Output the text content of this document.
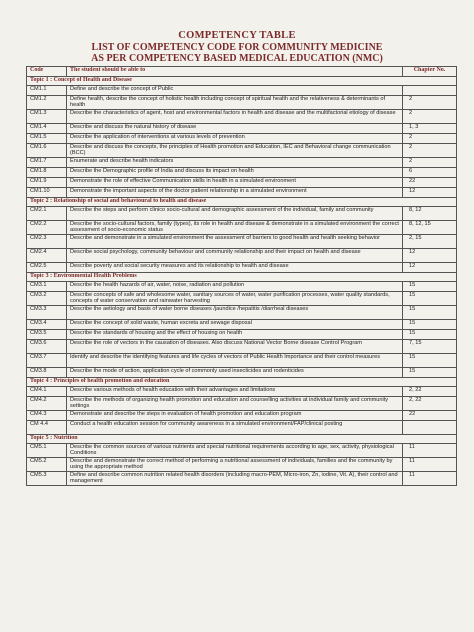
COMPETENCY TABLE
LIST OF COMPETENCY CODE FOR COMMUNITY MEDICINE
AS PER COMPETENCY BASED MEDICAL EDUCATION (NMC)
Code	The student should be able to	Chapter No.
Topic 1 : Concept of Health and Disease		
CM1.1	Define and describe the concept of Public	
CM1.2	Define health, describe the concept of holistic health including concept of spiritual health and the relativeness & determinants of health	2
CM1.3	Describe the characteristics of agent, host and environmental factors in health and disease and the multifactorial etiology of disease	2
CM1.4	Describe and discuss the natural history of disease	1, 3
CM1.5	Describe the application of interventions at various levels of prevention	2
CM1.6	Describe and discuss the concepts, the principles of Health promotion and Education, IEC and Behavioral change communication (BCC)	2
CM1.7	Enumerate and describe health indicators	2
CM1.8	Describe the Demographic profile of India and discuss its impact on health	6
CM1.9	Demonstrate the role of effective Communication skills in health in a simulated environment	22
CM1.10	Demonstrate the important aspects of the doctor patient relationship in a simulated environment	12
Topic 2 : Relationship of social and behavioural to health and disease		
CM2.1	Describe the steps and perform clinico socio-cultural and demographic assessment of the individual, family and community	8, 12
CM2.2	Describe the socio-cultural factors, family (types), its role in health and disease & demonstrate in a simulated environment the correct assessment of socio-economic status	8, 12, 15
CM2.3	Describe and demonstrate in a simulated environment the assessment of barriers to good health and health seeking behavior	2, 15
CM2.4	Describe social psychology, community behaviour and community relationship and their impact on health and disease	12
CM2.5	Describe poverty and social security measures and its relationship to health and disease	12
Topic 3 : Environmental Health Problems		
CM3.1	Describe the health hazards of air, water, noise, radiation and pollution	15
CM3.2	Describe concepts of safe and wholesome water, sanitary sources of water, water purification processes, water quality standards, concepts of water conservation and rainwater harvesting	15
CM3.3	Describe the aetiology and basis of water borne diseases /jaundice /hepatitis /diarrheal diseases	15
CM3.4	Describe the concept of solid waste, human excreta and sewage disposal	15
CM3.5	Describe the standards of housing and the effect of housing on health	15
CM3.6	Describe the role of vectors in the causation of diseases. Also discuss National Vector Borne disease Control Program	7, 15
CM3.7	Identify and describe the identifying features and life cycles of vectors of Public Health Importance and their control measures	15
CM3.8	Describe the mode of action, application cycle of commonly used insecticides and rodenticides	15
Topic 4 : Principles of health promotion and education		
CM4.1	Describe various methods of health education with their advantages and limitations	2, 22
CM4.2	Describe the methods of organizing health promotion and education and counselling activities at individual family and community settings	2, 22
CM4.3	Demonstrate and describe the steps in evaluation of health promotion and education program	22
CM 4.4	Conduct a health education session for community awareness in a simulated environment/FAP/clinical posting	
Topic 5 : Nutrition		
CM5.1	Describe the common sources of various nutrients and special nutritional requirements according to age, sex, activity, physiological Conditions	11
CM5.2	Describe and demonstrate the correct method of performing a nutritional assessment of individuals, families and the community by using the appropriate method	11
CM5.3	Define and describe common nutrition related health disorders (including macro-PEM, Micro-iron, Zn, iodine, Vit. A), their control and management	11
